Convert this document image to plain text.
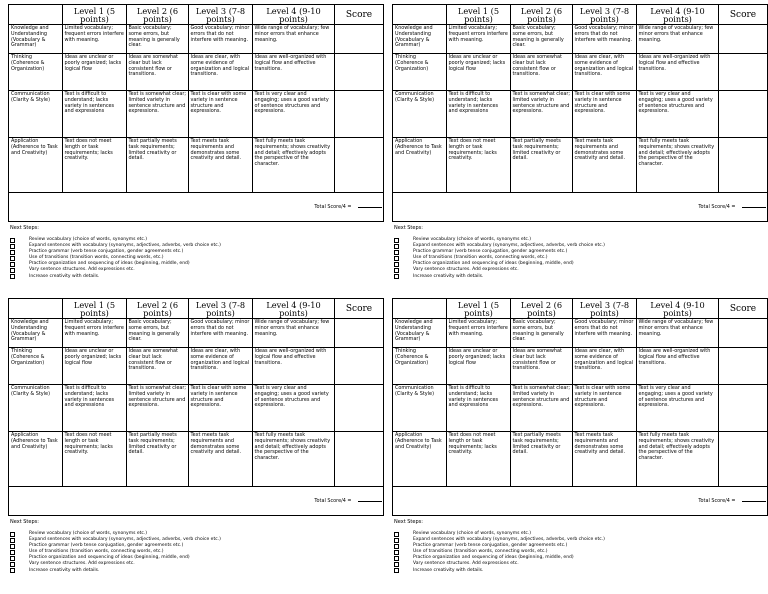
	Level 1 (5 points)	Level 2 (6 points)	Level 3 (7-8 points)	Level 4 (9-10 points)	Score
Knowledge and Understanding (Vocabulary & Grammar)	Limited vocabulary; frequent errors interfere with meaning.	Basic vocabulary; some errors, but meaning is generally clear.	Good vocabulary; minor errors that do not interfere with meaning.	Wide range of vocabulary; few minor errors that enhance meaning.	
Thinking (Coherence & Organization)	Ideas are unclear or poorly organized; lacks logical flow	Ideas are somewhat clear but lack consistent flow or transitions.	Ideas are clear, with some evidence of organization and logical transitions.	Ideas are well-organized with logical flow and effective transitions.	
Communication (Clarity & Style)	Text is difficult to understand; lacks variety in sentences and expressions	Text is somewhat clear; limited variety in sentence structure and expressions.	Text is clear with some variety in sentence structure and expressions.	Text is very clear and engaging; uses a good variety of sentence structures and expressions.	
Application (Adherence to Task and Creativity)	Text does not meet length or task requirements; lacks creativity.	Text partially meets task requirements; limited creativity or detail.	Text meets task requirements and demonstrates some creativity and detail.	Text fully meets task requirements; shows creativity and detail; effectively adopts the perspective of the character.	
Total Score/4 =					
Next Steps:
Review vocabulary (choice of words, synonyms etc.)
Expand sentences with vocabulary (synonyms, adjectives, adverbs, verb choice etc.)
Practice grammar (verb tense conjugation, gender agreements etc.)
Use of transitions (transition words, connecting words, etc.)
Practice organization and sequencing of ideas (beginning, middle, end)
Vary sentence structures. Add expressions etc.
Increase creativity with details.
	Level 1 (5 points)	Level 2 (6 points)	Level 3 (7-8 points)	Level 4 (9-10 points)	Score
Knowledge and Understanding (Vocabulary & Grammar)	Limited vocabulary; frequent errors interfere with meaning.	Basic vocabulary; some errors, but meaning is generally clear.	Good vocabulary; minor errors that do not interfere with meaning.	Wide range of vocabulary; few minor errors that enhance meaning.	
Thinking (Coherence & Organization)	Ideas are unclear or poorly organized; lacks logical flow	Ideas are somewhat clear but lack consistent flow or transitions.	Ideas are clear, with some evidence of organization and logical transitions.	Ideas are well-organized with logical flow and effective transitions.	
Communication (Clarity & Style)	Text is difficult to understand; lacks variety in sentences and expressions	Text is somewhat clear; limited variety in sentence structure and expressions.	Text is clear with some variety in sentence structure and expressions.	Text is very clear and engaging; uses a good variety of sentence structures and expressions.	
Application (Adherence to Task and Creativity)	Text does not meet length or task requirements; lacks creativity.	Text partially meets task requirements; limited creativity or detail.	Text meets task requirements and demonstrates some creativity and detail.	Text fully meets task requirements; shows creativity and detail; effectively adopts the perspective of the character.	
Total Score/4 =					
Next Steps:
Review vocabulary (choice of words, synonyms etc.)
Expand sentences with vocabulary (synonyms, adjectives, adverbs, verb choice etc.)
Practice grammar (verb tense conjugation, gender agreements etc.)
Use of transitions (transition words, connecting words, etc.)
Practice organization and sequencing of ideas (beginning, middle, end)
Vary sentence structures. Add expressions etc.
Increase creativity with details.
	Level 1 (5 points)	Level 2 (6 points)	Level 3 (7-8 points)	Level 4 (9-10 points)	Score
Knowledge and Understanding (Vocabulary & Grammar)	Limited vocabulary; frequent errors interfere with meaning.	Basic vocabulary; some errors, but meaning is generally clear.	Good vocabulary; minor errors that do not interfere with meaning.	Wide range of vocabulary; few minor errors that enhance meaning.	
Thinking (Coherence & Organization)	Ideas are unclear or poorly organized; lacks logical flow	Ideas are somewhat clear but lack consistent flow or transitions.	Ideas are clear, with some evidence of organization and logical transitions.	Ideas are well-organized with logical flow and effective transitions.	
Communication (Clarity & Style)	Text is difficult to understand; lacks variety in sentences and expressions	Text is somewhat clear; limited variety in sentence structure and expressions.	Text is clear with some variety in sentence structure and expressions.	Text is very clear and engaging; uses a good variety of sentence structures and expressions.	
Application (Adherence to Task and Creativity)	Text does not meet length or task requirements; lacks creativity.	Text partially meets task requirements; limited creativity or detail.	Text meets task requirements and demonstrates some creativity and detail.	Text fully meets task requirements; shows creativity and detail; effectively adopts the perspective of the character.	
Total Score/4 =					
Next Steps:
Review vocabulary (choice of words, synonyms etc.)
Expand sentences with vocabulary (synonyms, adjectives, adverbs, verb choice etc.)
Practice grammar (verb tense conjugation, gender agreements etc.)
Use of transitions (transition words, connecting words, etc.)
Practice organization and sequencing of ideas (beginning, middle, end)
Vary sentence structures. Add expressions etc.
Increase creativity with details.
	Level 1 (5 points)	Level 2 (6 points)	Level 3 (7-8 points)	Level 4 (9-10 points)	Score
Knowledge and Understanding (Vocabulary & Grammar)	Limited vocabulary; frequent errors interfere with meaning.	Basic vocabulary; some errors, but meaning is generally clear.	Good vocabulary; minor errors that do not interfere with meaning.	Wide range of vocabulary; few minor errors that enhance meaning.	
Thinking (Coherence & Organization)	Ideas are unclear or poorly organized; lacks logical flow	Ideas are somewhat clear but lack consistent flow or transitions.	Ideas are clear, with some evidence of organization and logical transitions.	Ideas are well-organized with logical flow and effective transitions.	
Communication (Clarity & Style)	Text is difficult to understand; lacks variety in sentences and expressions	Text is somewhat clear; limited variety in sentence structure and expressions.	Text is clear with some variety in sentence structure and expressions.	Text is very clear and engaging; uses a good variety of sentence structures and expressions.	
Application (Adherence to Task and Creativity)	Text does not meet length or task requirements; lacks creativity.	Text partially meets task requirements; limited creativity or detail.	Text meets task requirements and demonstrates some creativity and detail.	Text fully meets task requirements; shows creativity and detail; effectively adopts the perspective of the character.	
Total Score/4 =					
Next Steps:
Review vocabulary (choice of words, synonyms etc.)
Expand sentences with vocabulary (synonyms, adjectives, adverbs, verb choice etc.)
Practice grammar (verb tense conjugation, gender agreements etc.)
Use of transitions (transition words, connecting words, etc.)
Practice organization and sequencing of ideas (beginning, middle, end)
Vary sentence structures. Add expressions etc.
Increase creativity with details.
